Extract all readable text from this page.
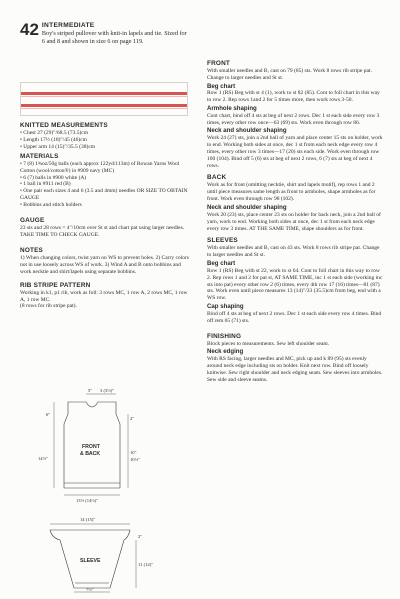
42 INTERMEDIATE
Boy's striped pullover with knit-in lapels and tie. Sized for 6 and 8 and shown in size 6 on page 119.
KNITTED MEASUREMENTS
• Chest 27 (29)"/68.5 (73.5)cm
• Length 17½ (18)"/45 (46)cm
• Upper arm 14 (15)"/35.5 (38)cm
MATERIALS
• 7 (8) 1¾oz/50g balls (each approx 122yd/113m) of Rowan Yarns Wool Cotton (wool/cotton®) in #909 navy (MC)
• 6 (7) balls in #900 white (A)
• 1 ball in #911 red (B)
• One pair each sizes 4 and 6 (3.5 and 4mm) needles OR SIZE TO OBTAIN GAUGE
• Bobbins and stitch holders
GAUGE
23 sts and 28 rows = 4"/10cm over St st and chart pat using larger needles.
TAKE TIME TO CHECK GAUGE.
NOTES
1) When changing colors, twist yarn on WS to prevent holes. 2) Carry colors not in use loosely across WS of work. 3) Wind A and B onto bobbins and work necktie and shirt/lapels using separate bobbins.
RIB STRIPE PATTERN
Working in k1, p1 rib, work as foll: 3 rows MC, 1 row A, 2 rows MC, 1 row A, 1 row MC.
(8 rows for rib stripe pat).
FRONT
& BACK
SLEEVE
5" 3 (3½)"
6"
14½"
2"
10"
10½"
13½ (14½)"
14 (15)"
11 (12)"
2"
7½"
FRONT
With smaller needles and B, cast on 79 (85) sts. Work 8 rows rib stripe pat. Change to larger needles and St st.
Beg chart
Row 1 (RS) Beg with st 4 (1), work to st 82 (85). Cont to foll chart in this way to row 2. Rep rows 1and 2 for 5 times more, then work rows 3-50.
Armhole shaping
Cont chart, bind off 4 sts at beg of next 2 rows. Dec 1 st each side every row 3 times, every other row once—63 (69) sts. Work even through row 86.
Neck and shoulder shaping
Work 24 (27) sts, join a 2nd ball of yarn and place center 15 sts on holder, work to end. Working both sides at once, dec 1 st from each neck edge every row 4 times, every other row 3 times—17 (20) sts each side. Work even through row 100 (104). Bind off 5 (6) sts at beg of next 2 rows, 6 (7) sts at beg of next 4 rows.
BACK
Work as for front (omitting necktie, shirt and lapels motif), rep rows 1 and 2 until piece measures same length as front to armholes, shape armholes as for front. Work even through row 98 (102).
Neck and shoulder shaping
Work 20 (23) sts, place center 23 sts on holder for back neck, join a 2nd ball of yarn, work to end. Working both sides at once, dec 1 st from each neck edge every row 3 times. AT THE SAME TIME, shape shoulders as for front.
SLEEVES
With smaller needles and B, cast on 43 sts. Work 8 rows rib stripe pat. Change to larger needles and St st.
Beg chart
Row 1 (RS) Beg with st 22, work to st 64. Cont to foll chart in this way to row 2. Rep rows 1 and 2 for pat st, AT SAME TIME, inc 1 st each side (working inc sts into pat) every other row 2 (6) times, every 4th row 17 (16) times—81 (87) sts. Work even until piece measures 13 (14)"/33 (35.5)cm from beg, end with a WS row.
Cap shaping
Bind off 4 sts at beg of next 2 rows. Dec 1 st each side every row 4 times. Bind off rem 65 (71) sts.
FINISHING
Block pieces to measurements. Sew left shoulder seam.
Neck edging
With RS facing, larger needles and MC, pick up and k 89 (95) sts evenly around neck edge including sts on holder. Knit next row. Bind off loosely knitwise. Sew right shoulder and neck edging seam. Sew sleeves into armholes. Sew side and sleeve seams.
